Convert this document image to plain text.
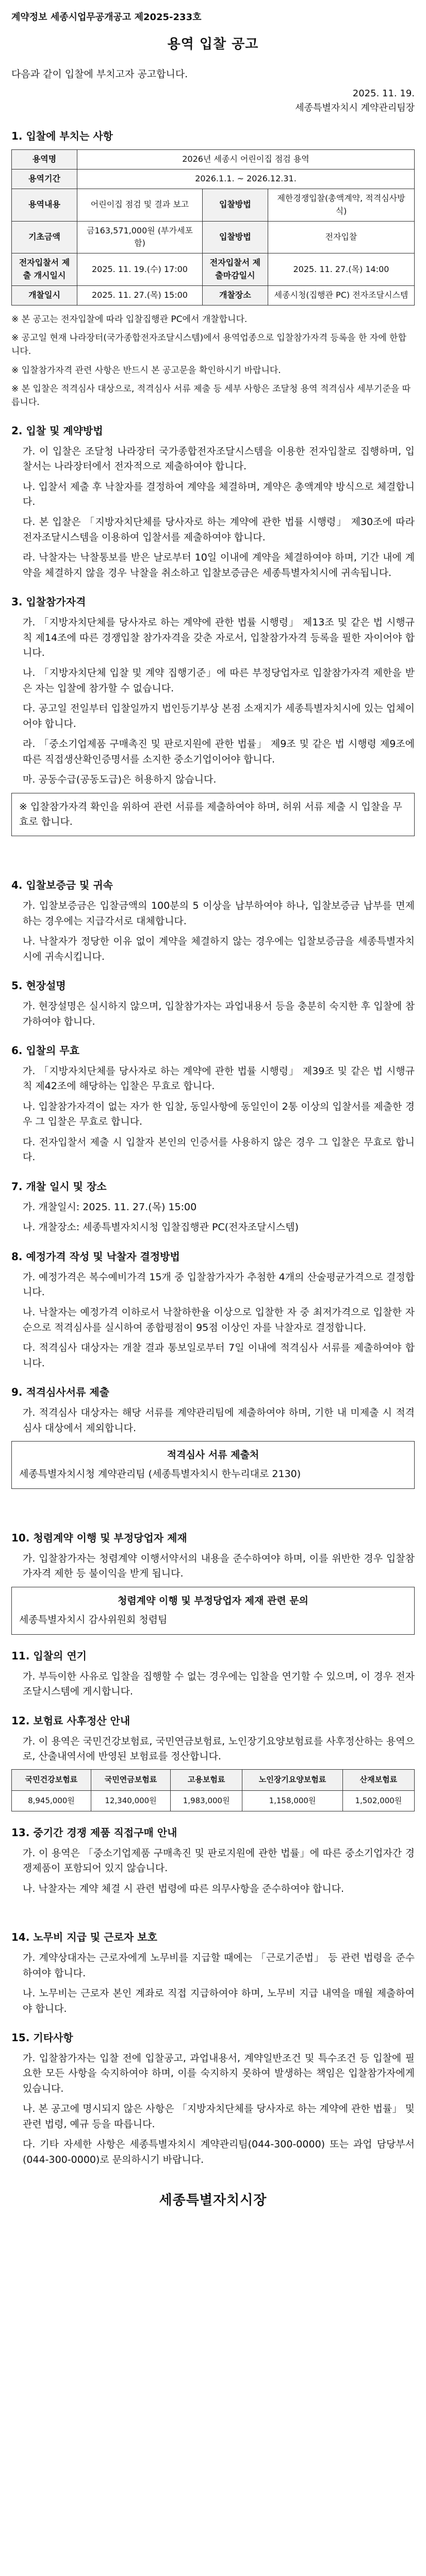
계약정보 세종시업무공개공고 제2025-233호

용역 입찰 공고

다음과 같이 입찰에 부치고자 공고합니다.

2025. 11. 19.
세종특별자치시 계약관리팀장
1. 입찰에 부치는 사항
용역명	2026년 세종시 어린이집 점검 용역		
용역기간	2026.1.1. ~ 2026.12.31.		
용역내용	어린이집 점검 및 결과 보고	입찰방법	제한경쟁입찰(총액계약, 적격심사방식)
기초금액	금163,571,000원 (부가세포함)	입찰방법	전자입찰
전자입찰서 제출 개시일시	2025. 11. 19.(수) 17:00	전자입찰서 제출마감일시	2025. 11. 27.(목) 14:00
개찰일시	2025. 11. 27.(목) 15:00	개찰장소	세종시청(집행관 PC) 전자조달시스템

※ 본 공고는 전자입찰에 따라 입찰집행관 PC에서 개찰합니다.

※ 공고일 현재 나라장터(국가종합전자조달시스템)에서 용역업종으로 입찰참가자격 등록을 한 자에 한합니다.

※ 입찰참가자격 관련 사항은 반드시 본 공고문을 확인하시기 바랍니다.

※ 본 입찰은 적격심사 대상으로, 적격심사 서류 제출 등 세부 사항은 조달청 용역 적격심사 세부기준을 따릅니다.

2. 입찰 및 계약방법

가. 이 입찰은 조달청 나라장터 국가종합전자조달시스템을 이용한 전자입찰로 집행하며, 입찰서는 나라장터에서 전자적으로 제출하여야 합니다.

나. 입찰서 제출 후 낙찰자를 결정하여 계약을 체결하며, 계약은 총액계약 방식으로 체결합니다.

다. 본 입찰은 「지방자치단체를 당사자로 하는 계약에 관한 법률 시행령」 제30조에 따라 전자조달시스템을 이용하여 입찰서를 제출하여야 합니다.

라. 낙찰자는 낙찰통보를 받은 날로부터 10일 이내에 계약을 체결하여야 하며, 기간 내에 계약을 체결하지 않을 경우 낙찰을 취소하고 입찰보증금은 세종특별자치시에 귀속됩니다.

3. 입찰참가자격

가. 「지방자치단체를 당사자로 하는 계약에 관한 법률 시행령」 제13조 및 같은 법 시행규칙 제14조에 따른 경쟁입찰 참가자격을 갖춘 자로서, 입찰참가자격 등록을 필한 자이어야 합니다.

나. 「지방자치단체 입찰 및 계약 집행기준」에 따른 부정당업자로 입찰참가자격 제한을 받은 자는 입찰에 참가할 수 없습니다.

다. 공고일 전일부터 입찰일까지 법인등기부상 본점 소재지가 세종특별자치시에 있는 업체이어야 합니다.

라. 「중소기업제품 구매촉진 및 판로지원에 관한 법률」 제9조 및 같은 법 시행령 제9조에 따른 직접생산확인증명서를 소지한 중소기업이어야 합니다.

마. 공동수급(공동도급)은 허용하지 않습니다.

※ 입찰참가자격 확인을 위하여 관련 서류를 제출하여야 하며, 허위 서류 제출 시 입찰을 무효로 합니다.
4. 입찰보증금 및 귀속

가. 입찰보증금은 입찰금액의 100분의 5 이상을 납부하여야 하나, 입찰보증금 납부를 면제하는 경우에는 지급각서로 대체합니다.

나. 낙찰자가 정당한 이유 없이 계약을 체결하지 않는 경우에는 입찰보증금을 세종특별자치시에 귀속시킵니다.

5. 현장설명

가. 현장설명은 실시하지 않으며, 입찰참가자는 과업내용서 등을 충분히 숙지한 후 입찰에 참가하여야 합니다.

6. 입찰의 무효

가. 「지방자치단체를 당사자로 하는 계약에 관한 법률 시행령」 제39조 및 같은 법 시행규칙 제42조에 해당하는 입찰은 무효로 합니다.

나. 입찰참가자격이 없는 자가 한 입찰, 동일사항에 동일인이 2통 이상의 입찰서를 제출한 경우 그 입찰은 무효로 합니다.

다. 전자입찰서 제출 시 입찰자 본인의 인증서를 사용하지 않은 경우 그 입찰은 무효로 합니다.

7. 개찰 일시 및 장소

가. 개찰일시: 2025. 11. 27.(목) 15:00

나. 개찰장소: 세종특별자치시청 입찰집행관 PC(전자조달시스템)

8. 예정가격 작성 및 낙찰자 결정방법

가. 예정가격은 복수예비가격 15개 중 입찰참가자가 추첨한 4개의 산술평균가격으로 결정합니다.

나. 낙찰자는 예정가격 이하로서 낙찰하한율 이상으로 입찰한 자 중 최저가격으로 입찰한 자 순으로 적격심사를 실시하여 종합평점이 95점 이상인 자를 낙찰자로 결정합니다.

다. 적격심사 대상자는 개찰 결과 통보일로부터 7일 이내에 적격심사 서류를 제출하여야 합니다.

9. 적격심사서류 제출

가. 적격심사 대상자는 해당 서류를 계약관리팀에 제출하여야 하며, 기한 내 미제출 시 적격심사 대상에서 제외합니다.

적격심사 서류 제출처
세종특별자치시청 계약관리팀 (세종특별자치시 한누리대로 2130)
10. 청렴계약 이행 및 부정당업자 제재

가. 입찰참가자는 청렴계약 이행서약서의 내용을 준수하여야 하며, 이를 위반한 경우 입찰참가자격 제한 등 불이익을 받게 됩니다.

청렴계약 이행 및 부정당업자 제재 관련 문의
세종특별자치시 감사위원회 청렴팀
11. 입찰의 연기

가. 부득이한 사유로 입찰을 집행할 수 없는 경우에는 입찰을 연기할 수 있으며, 이 경우 전자조달시스템에 게시합니다.

12. 보험료 사후정산 안내

가. 이 용역은 국민건강보험료, 국민연금보험료, 노인장기요양보험료를 사후정산하는 용역으로, 산출내역서에 반영된 보험료를 정산합니다.

국민건강보험료	국민연금보험료	고용보험료	노인장기요양보험료	산재보험료
8,945,000원	12,340,000원	1,983,000원	1,158,000원	1,502,000원
13. 중기간 경쟁 제품 직접구매 안내

가. 이 용역은 「중소기업제품 구매촉진 및 판로지원에 관한 법률」에 따른 중소기업자간 경쟁제품이 포함되어 있지 않습니다.

나. 낙찰자는 계약 체결 시 관련 법령에 따른 의무사항을 준수하여야 합니다.

14. 노무비 지급 및 근로자 보호

가. 계약상대자는 근로자에게 노무비를 지급할 때에는 「근로기준법」 등 관련 법령을 준수하여야 합니다.

나. 노무비는 근로자 본인 계좌로 직접 지급하여야 하며, 노무비 지급 내역을 매월 제출하여야 합니다.

15. 기타사항

가. 입찰참가자는 입찰 전에 입찰공고, 과업내용서, 계약일반조건 및 특수조건 등 입찰에 필요한 모든 사항을 숙지하여야 하며, 이를 숙지하지 못하여 발생하는 책임은 입찰참가자에게 있습니다.

나. 본 공고에 명시되지 않은 사항은 「지방자치단체를 당사자로 하는 계약에 관한 법률」 및 관련 법령, 예규 등을 따릅니다.

다. 기타 자세한 사항은 세종특별자치시 계약관리팀(044-300-0000) 또는 과업 담당부서(044-300-0000)로 문의하시기 바랍니다.

세종특별자치시장
